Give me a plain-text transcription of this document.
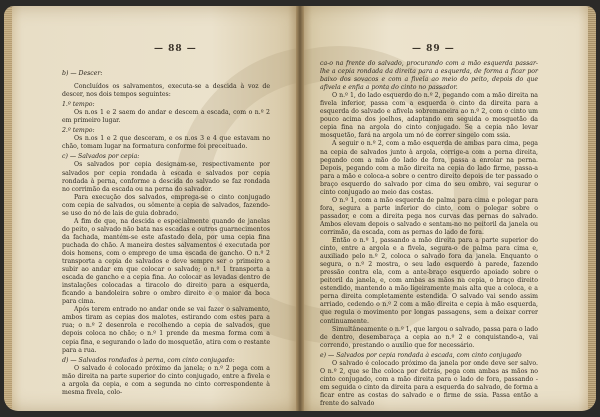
— 88 —

b) — Descer:

Concluídos os salvamentos, executa-se a descida à voz de descer, nos dois tempos seguintes:

1.º tempo:

Os n.os 1 e 2 saem do andar e descem a escada, com o n.º 2 em primeiro lugar.

2.º tempo:

Os n.os 1 e 2 que desceram, e os n.os 3 e 4 que estavam no chão, tomam lugar na formatura conforme foi preceituado.

c) — Salvados por cepia:

Os salvados por cepia designam-se, respectivamente por salvados por cepia rondada à escada e salvados por cepia rondada à perna, conforme a descida do salvado se faz rondada no corrimão da escada ou na perna do salvador.

Para execução dos salvados, emprega-se o cinto conjugado com cepia de salvados, ou sômente a cepia de salvados, fazendo-se uso do nó de lais de guia dobrado.

A fim de que, na descida e especialmente quando de janelas do peito, o salvado não bata nas escadas e outros guarnecimentos da fachada, mantém-se este afastado dela, por uma cepia fina puchada do chão. A maneira destes salvamentos é executada por dois homens, com o emprego de uma escada de gancho. O n.º 2 transporta a cepia de salvados e deve sempre ser o primeiro a subir ao andar em que colocar o salvado; o n.º 1 transporta a escada de gancho e a cepia fina. Ao colocar as levadas dentro de instalações colocadas a tiracolo do direito para a esquerda, ficando a bandoleira sobre o ombro direito e o maior da boca para cima.

Após terem entrado no andar onde se vai fazer o salvamento, ambos tiram as cepias dos malotes, estirando com estes para a rua; o n.º 2 desenrola e recolhendo a cepia de salvados, que depois coloca no chão; o n.º 1 prende da mesma forma com a cepia fina, e segurando o lado do mosquetão, atira com o restante para a rua.

d) — Salvados rondados à perna, com cinto conjugado:

O salvado é colocado próximo da janela; o n.º 2 pega com a mão direita na parte superior do cinto conjugado, entre a fivela e a argola da cepia, e com a segunda no cinto correspondente à mesma fivela, colo-

— 89 —

ca-o na frente do salvado, procurando com a mão esquerda passar-lhe a cepia rondada da direita para a esquerda, de forma a ficar por baixo dos sovacos e com a fivela ao meio do peito, depois do que afivela e enfia a ponta do cinto no passador.

O n.º 1, do lado esquerdo do n.º 2, pegando com a mão direita na fivela inferior, passa com a esquerda o cinto da direita para a esquerda do salvado e afivela sobremaneira ao n.º 2, com o cinto um pouco acima dos joelhos, adaptando em seguida o mosquetão da cepia fina na argola do cinto conjugado. Se a cepia não levar mosquetão, fará na argola um nó de correr singelo com ssia.

A seguir o n.º 2, com a mão esquerda de ambas para cima, pega na cepia de salvados junto à argola, corrige-a com a perna direita, pegando com a mão do lado de fora, passa a enrolar na perna. Depois, pegando com a mão direita na cepia do lado firme, passa-a para a mão e coloca-a sobre o centro direito depois de ter passado o braço esquerdo do salvado por cima do seu ombro, vai segurar o cinto conjugado ao meio das costas.

O n.º 1, com a mão esquerda de palma para cima e polegar para fora, segura a parte inferior do cinto, com o polegar sobre o passador, e com a direita pega nos curvas das pernas do salvado. Ambos elevam depois o salvado e sentam-no no peitoril da janela ou corrimão, da escada, com as pernas do lado de fora.

Então o n.º 1, passando a mão direita para a parte superior do cinto, entre a argola e a fivela, segura-o de palma para cima e, auxiliado pelo n.º 2, coloca o salvado fora da janela. Enquanto o segura, o n.º 2 mostra, o seu lado esquerdo à parede, fazendo pressão contra ela, com a ante-braço esquerdo apoiado sobre o peitoril da janela, e, com ambas as mãos na cepia, o braço direito estendido, mantendo a mão ligeiramente mais alta que a coloca, e a perna direita completamente estendida. O salvado vai sendo assim arriado, cedendo o n.º 2 com a mão direita e cepia à mão esquerda, que regula o movimento por longas passagens, sem a deixar correr continuamente.

Simultâneamente o n.º 1, que largou o salvado, passa para o lado de dentro, desembaraça a cepia ao n.º 2 e conquistando-a, vai correndo, prestando o auxílio que for necessário.

e) — Salvados por cepia rondada à escada, com cinto conjugado

O salvado é colocado próximo da janela por onde deve ser salvo. O n.º 2, que se lhe coloca por detrás, pega com ambas as mãos no cinto conjugado, com a mão direita para o lado de fora, passando - em seguida o cinto da direita para a esquerda do salvado, de forma a ficar entre as costas do salvado e o firme de ssia. Passa então a frente do salvado
